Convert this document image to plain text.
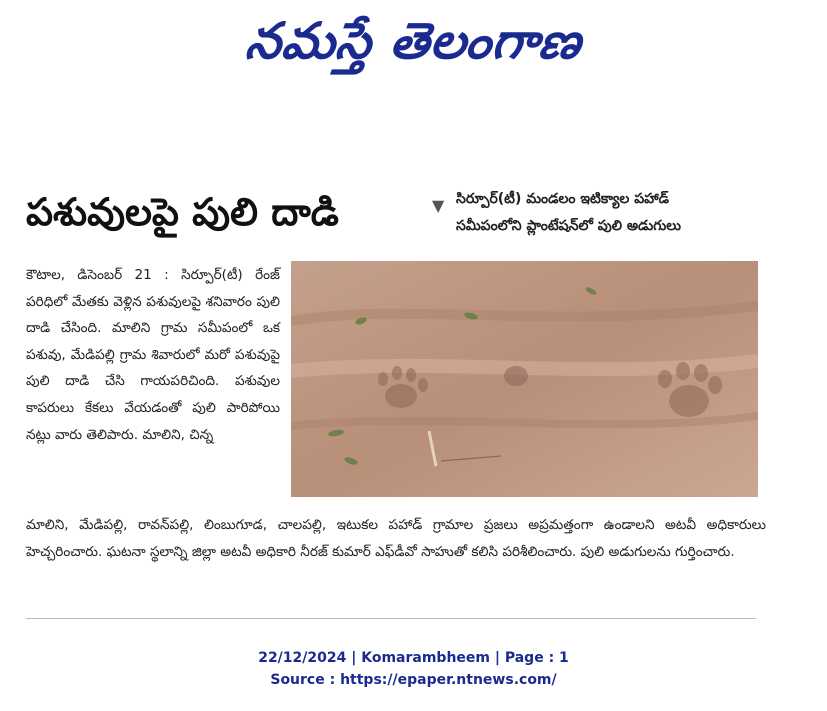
నమస్తే తెలంగాణ
పశువులపై పులి దాడి	▼ సిర్పూర్(టీ) మండలం ఇటిక్యాల పహాడ్

సమీపంలోని ప్లాంటేషన్‌లో పులి అడుగులు

కౌటాల, డిసెంబర్ 21 : సిర్పూర్(టీ) రేంజ్ పరిధిలో మేతకు వెళ్లిన పశువులపై శనివారం పులి దాడి చేసింది. మాలిని గ్రామ సమీపంలో ఒక పశువు, మేడిపల్లి గ్రామ శివారులో మరో పశువుపై పులి దాడి చేసి గాయపరిచింది. పశువుల కాపరులు కేకలు వేయడంతో పులి పారిపోయి నట్లు వారు తెలిపారు. మాలిని, చిన్న

మాలిని, మేడిపల్లి, రావన్‌పల్లి, లింబుగూడ, చాలపల్లి, ఇటుకల పహాడ్ గ్రామాల ప్రజలు అప్రమత్తంగా ఉండాలని అటవీ అధికారులు హెచ్చరించారు. ఘటనా స్థలాన్ని జిల్లా అటవీ అధికారి నీరజ్ కుమార్ ఎఫ్‌డీవో సాహుతో కలిసి పరిశీలించారు. పులి అడుగులను గుర్తించారు.

22/12/2024 | Komarambheem | Page : 1
Source : https://epaper.ntnews.com/
